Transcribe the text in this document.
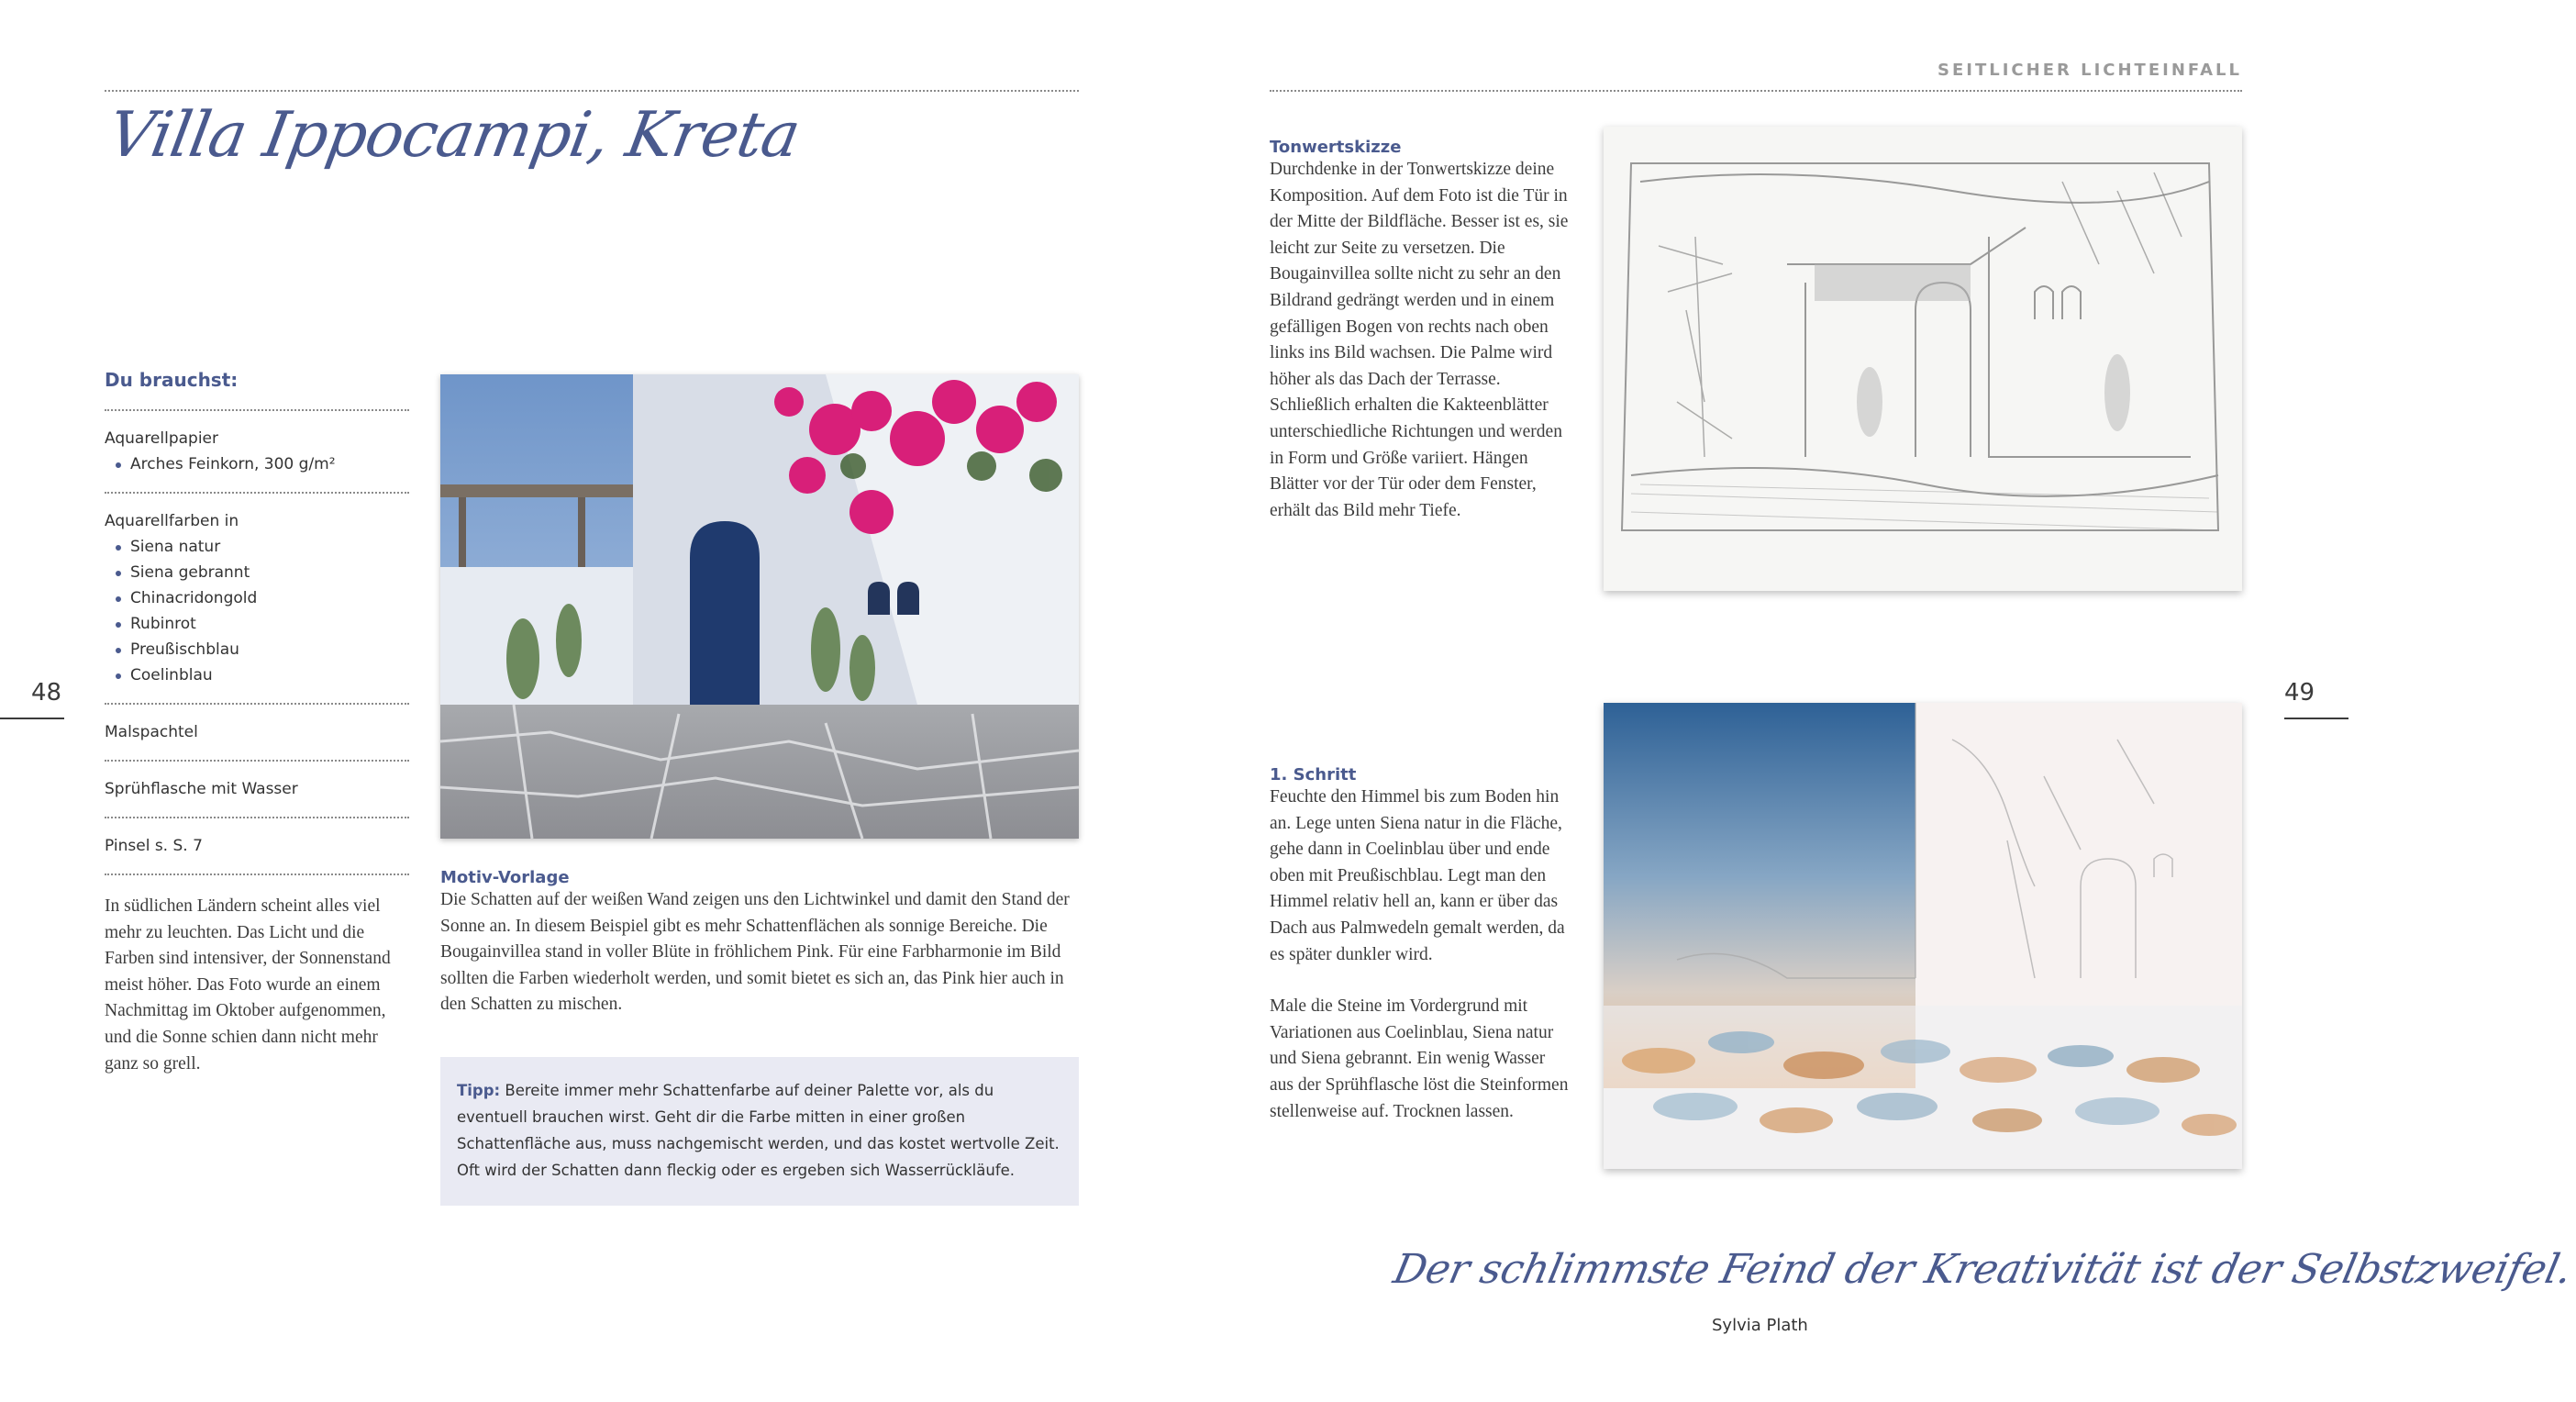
Villa Ippocampi, Kreta
48
Du brauchst:
Aquarellpapier
Arches Feinkorn, 300 g/m²
Aquarellfarben in
Siena natur
Siena gebrannt
Chinacridongold
Rubinrot
Preußischblau
Coelinblau
Malspachtel
Sprühflasche mit Wasser
Pinsel s. S. 7
In südlichen Ländern scheint alles viel mehr zu leuchten. Das Licht und die Farben sind intensiver, der Sonnenstand meist höher. Das Foto wurde an einem Nachmittag im Oktober aufgenommen, und die Sonne schien dann nicht mehr ganz so grell.
Motiv-Vorlage
Die Schatten auf der weißen Wand zeigen uns den Lichtwinkel und damit den Stand der Sonne an. In diesem Beispiel gibt es mehr Schattenflächen als sonnige Bereiche. Die Bougainvillea stand in voller Blüte in fröhlichem Pink. Für eine Farbharmonie im Bild sollten die Farben wiederholt werden, und somit bietet es sich an, das Pink hier auch in den Schatten zu mischen.
Tipp: Bereite immer mehr Schattenfarbe auf deiner Palette vor, als du eventuell brauchen wirst. Geht dir die Farbe mitten in einer großen Schattenfläche aus, muss nachgemischt werden, und das kostet wertvolle Zeit. Oft wird der Schatten dann fleckig oder es ergeben sich Wasserrückläufe.
SEITLICHER LICHTEINFALL
49
Tonwertskizze
Durchdenke in der Tonwertskizze deine Komposition. Auf dem Foto ist die Tür in der Mitte der Bildfläche. Besser ist es, sie leicht zur Seite zu versetzen. Die Bougainvillea sollte nicht zu sehr an den Bildrand gedrängt werden und in einem gefälligen Bogen von rechts nach oben links ins Bild wachsen. Die Palme wird höher als das Dach der Terrasse. Schließlich erhalten die Kakteenblätter unterschiedliche Richtungen und werden in Form und Größe variiert. Hängen Blätter vor der Tür oder dem Fenster, erhält das Bild mehr Tiefe.
1. Schritt
Feuchte den Himmel bis zum Boden hin an. Lege unten Siena natur in die Fläche, gehe dann in Coelinblau über und ende oben mit Preußischblau. Legt man den Himmel relativ hell an, kann er über das Dach aus Palmwedeln gemalt werden, da es später dunkler wird.
Male die Steine im Vordergrund mit Variationen aus Coelinblau, Siena natur und Siena gebrannt. Ein wenig Wasser aus der Sprühflasche löst die Steinformen stellenweise auf. Trocknen lassen.
Der schlimmste Feind der Kreativität ist der Selbstzweifel.
Sylvia Plath
